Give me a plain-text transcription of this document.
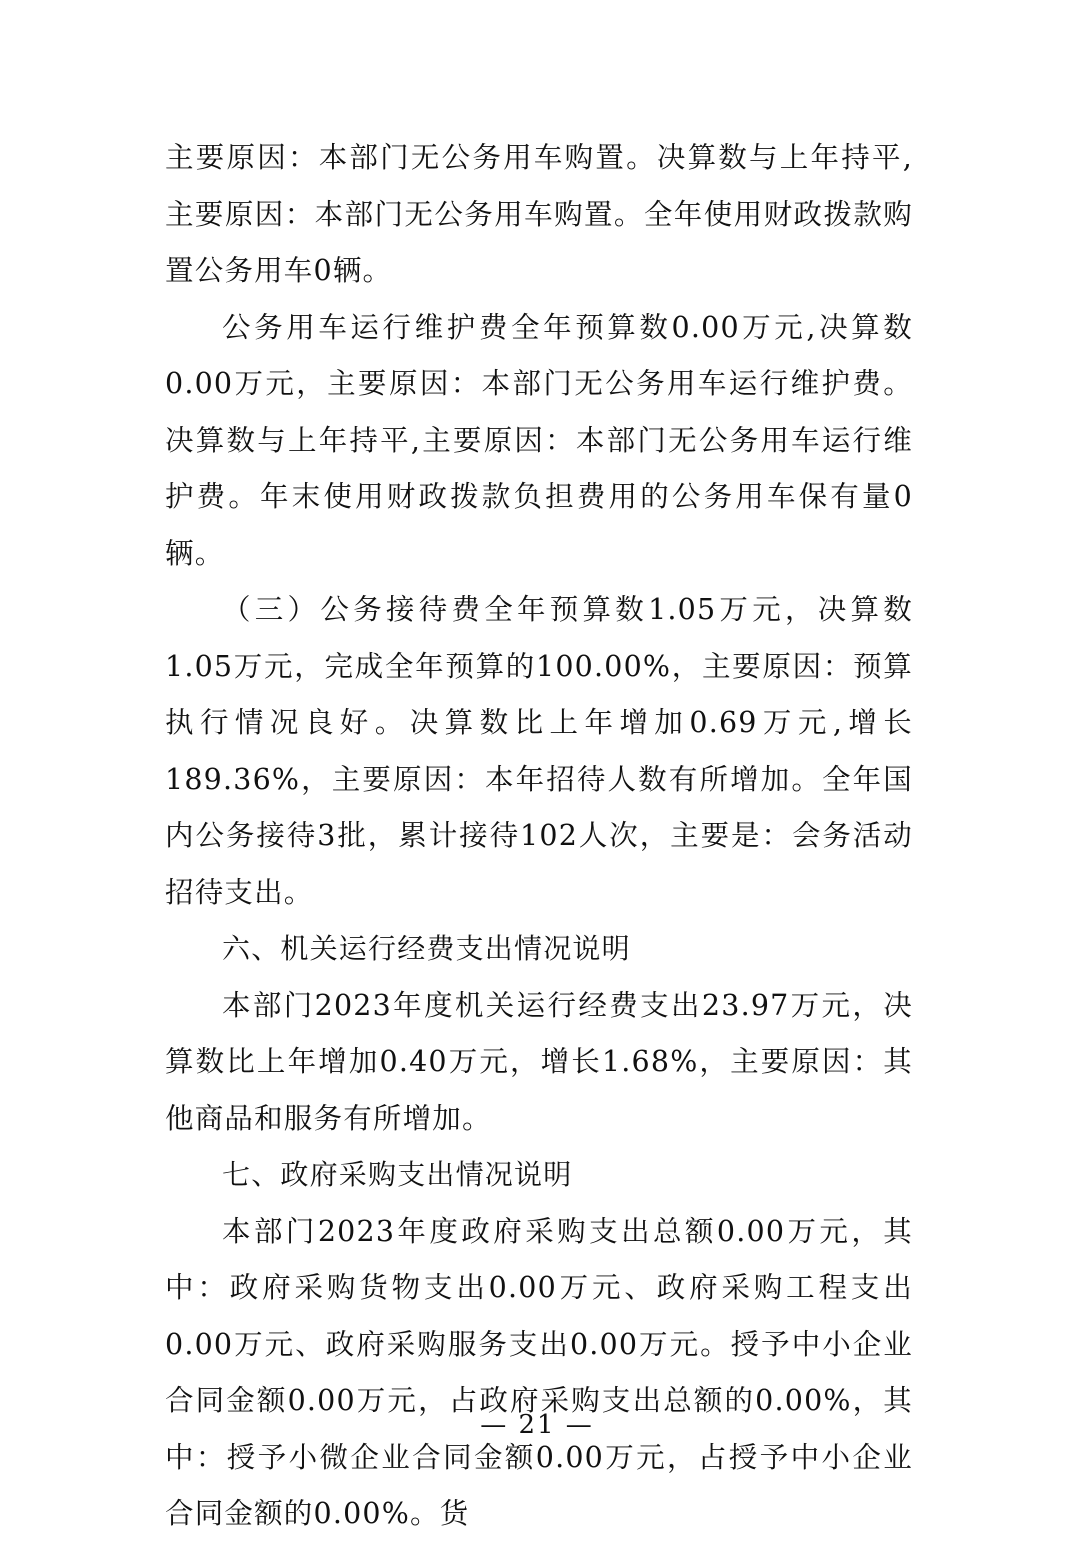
主要原因：本部门无公务用车购置。决算数与上年持平,主要原因：本部门无公务用车购置。全年使用财政拨款购置公务用车0辆。

公务用车运行维护费全年预算数0.00万元,决算数0.00万元，主要原因：本部门无公务用车运行维护费。决算数与上年持平,主要原因：本部门无公务用车运行维护费。年末使用财政拨款负担费用的公务用车保有量0辆。

（三）公务接待费全年预算数1.05万元，决算数1.05万元，完成全年预算的100.00%，主要原因：预算执行情况良好。决算数比上年增加0.69万元,增长189.36%，主要原因：本年招待人数有所增加。全年国内公务接待3批，累计接待102人次，主要是：会务活动招待支出。

六、机关运行经费支出情况说明

本部门2023年度机关运行经费支出23.97万元，决算数比上年增加0.40万元，增长1.68%，主要原因：其他商品和服务有所增加。

七、政府采购支出情况说明

本部门2023年度政府采购支出总额0.00万元，其中：政府采购货物支出0.00万元、政府采购工程支出0.00万元、政府采购服务支出0.00万元。授予中小企业合同金额0.00万元，占政府采购支出总额的0.00%，其中：授予小微企业合同金额0.00万元，占授予中小企业合同金额的0.00%。货

— 21 —
